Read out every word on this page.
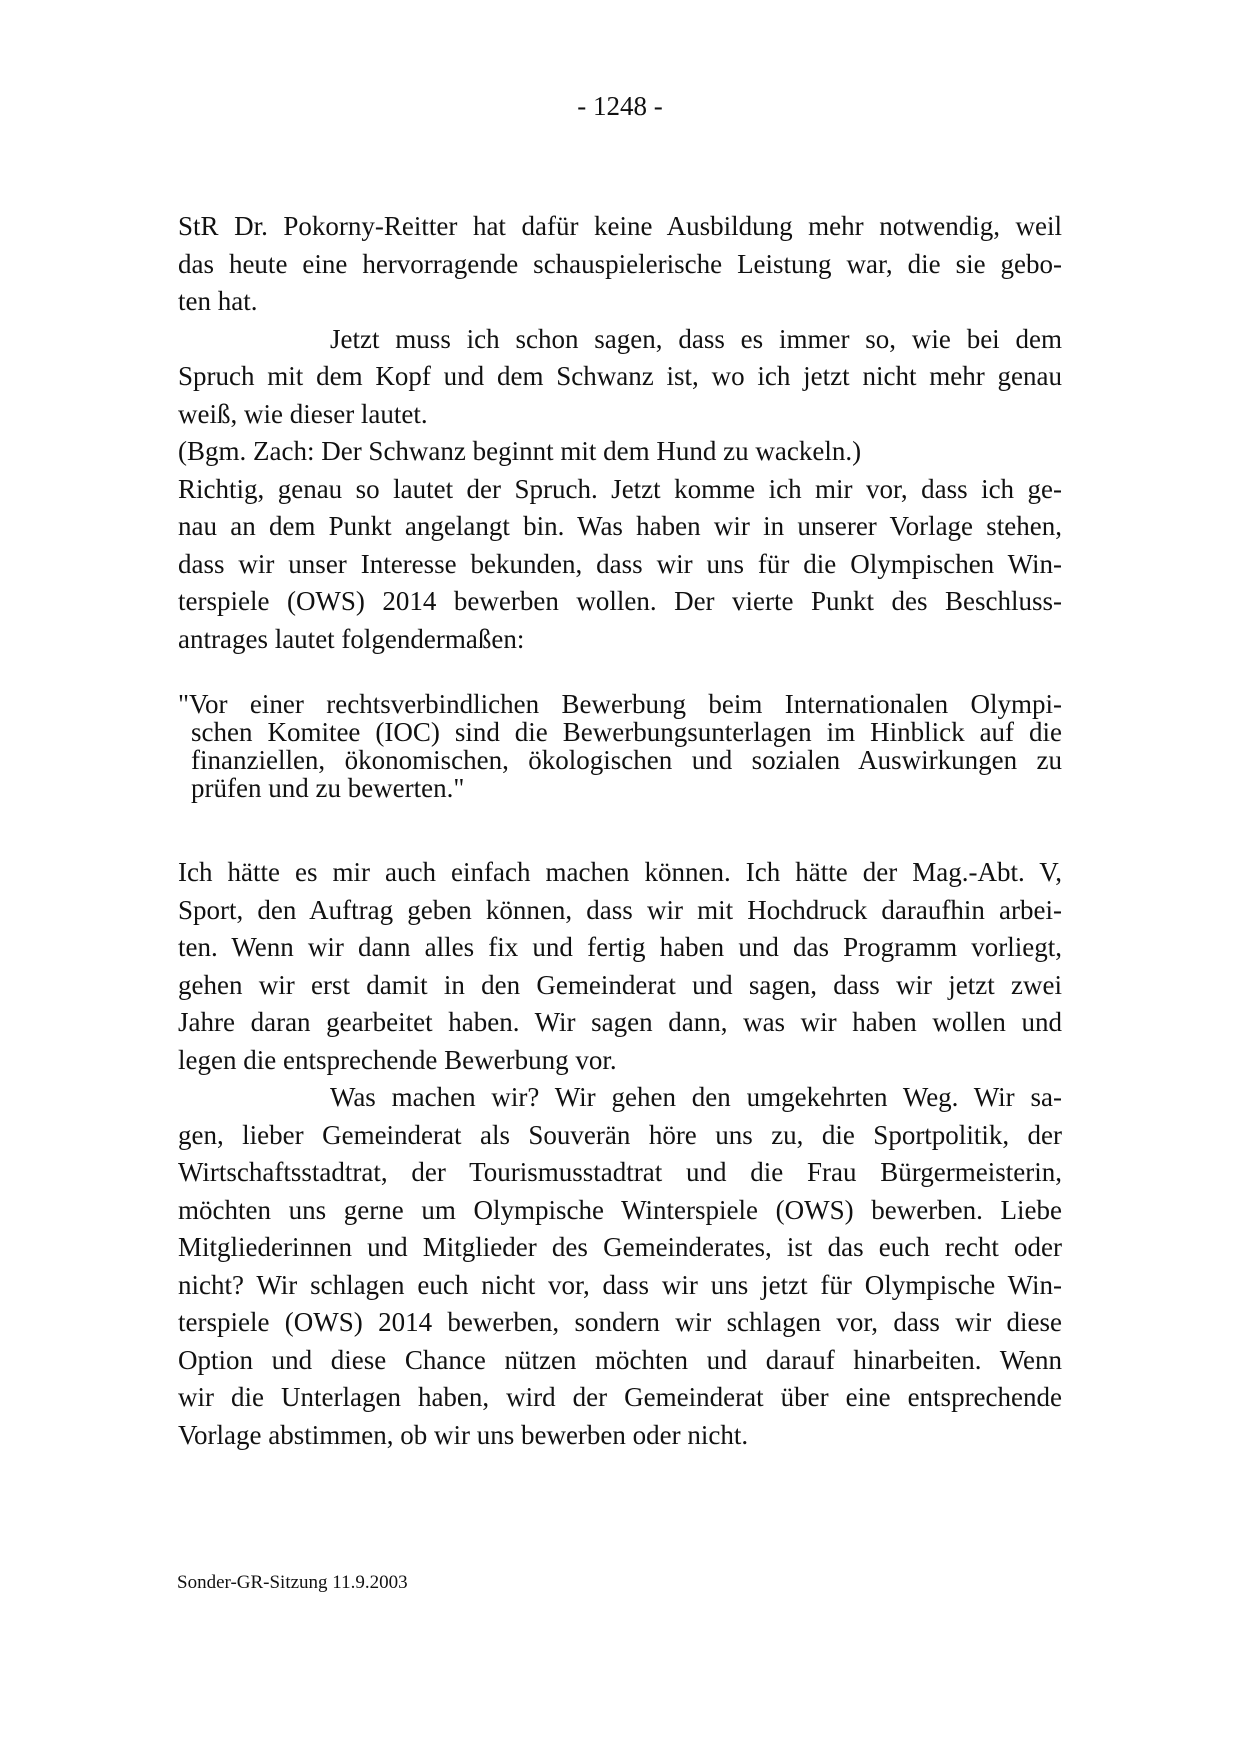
- 1248 -
StR Dr. Pokorny-Reitter hat dafür keine Ausbildung mehr notwendig, weil
das heute eine hervorragende schauspielerische Leistung war, die sie gebo-
ten hat.
Jetzt muss ich schon sagen, dass es immer so, wie bei dem
Spruch mit dem Kopf und dem Schwanz ist, wo ich jetzt nicht mehr genau
weiß, wie dieser lautet.
(Bgm. Zach: Der Schwanz beginnt mit dem Hund zu wackeln.)
Richtig, genau so lautet der Spruch. Jetzt komme ich mir vor, dass ich ge-
nau an dem Punkt angelangt bin. Was haben wir in unserer Vorlage stehen,
dass wir unser Interesse bekunden, dass wir uns für die Olympischen Win-
terspiele (OWS) 2014 bewerben wollen. Der vierte Punkt des Beschluss-
antrages lautet folgendermaßen:
"Vor einer rechtsverbindlichen Bewerbung beim Internationalen Olympi-
schen Komitee (IOC) sind die Bewerbungsunterlagen im Hinblick auf die
finanziellen, ökonomischen, ökologischen und sozialen Auswirkungen zu
prüfen und zu bewerten."
Ich hätte es mir auch einfach machen können. Ich hätte der Mag.-Abt. V,
Sport, den Auftrag geben können, dass wir mit Hochdruck daraufhin arbei-
ten. Wenn wir dann alles fix und fertig haben und das Programm vorliegt,
gehen wir erst damit in den Gemeinderat und sagen, dass wir jetzt zwei
Jahre daran gearbeitet haben. Wir sagen dann, was wir haben wollen und
legen die entsprechende Bewerbung vor.
Was machen wir? Wir gehen den umgekehrten Weg. Wir sa-
gen, lieber Gemeinderat als Souverän höre uns zu, die Sportpolitik, der
Wirtschaftsstadtrat, der Tourismusstadtrat und die Frau Bürgermeisterin,
möchten uns gerne um Olympische Winterspiele (OWS) bewerben. Liebe
Mitgliederinnen und Mitglieder des Gemeinderates, ist das euch recht oder
nicht? Wir schlagen euch nicht vor, dass wir uns jetzt für Olympische Win-
terspiele (OWS) 2014 bewerben, sondern wir schlagen vor, dass wir diese
Option und diese Chance nützen möchten und darauf hinarbeiten. Wenn
wir die Unterlagen haben, wird der Gemeinderat über eine entsprechende
Vorlage abstimmen, ob wir uns bewerben oder nicht.
Sonder-GR-Sitzung 11.9.2003
